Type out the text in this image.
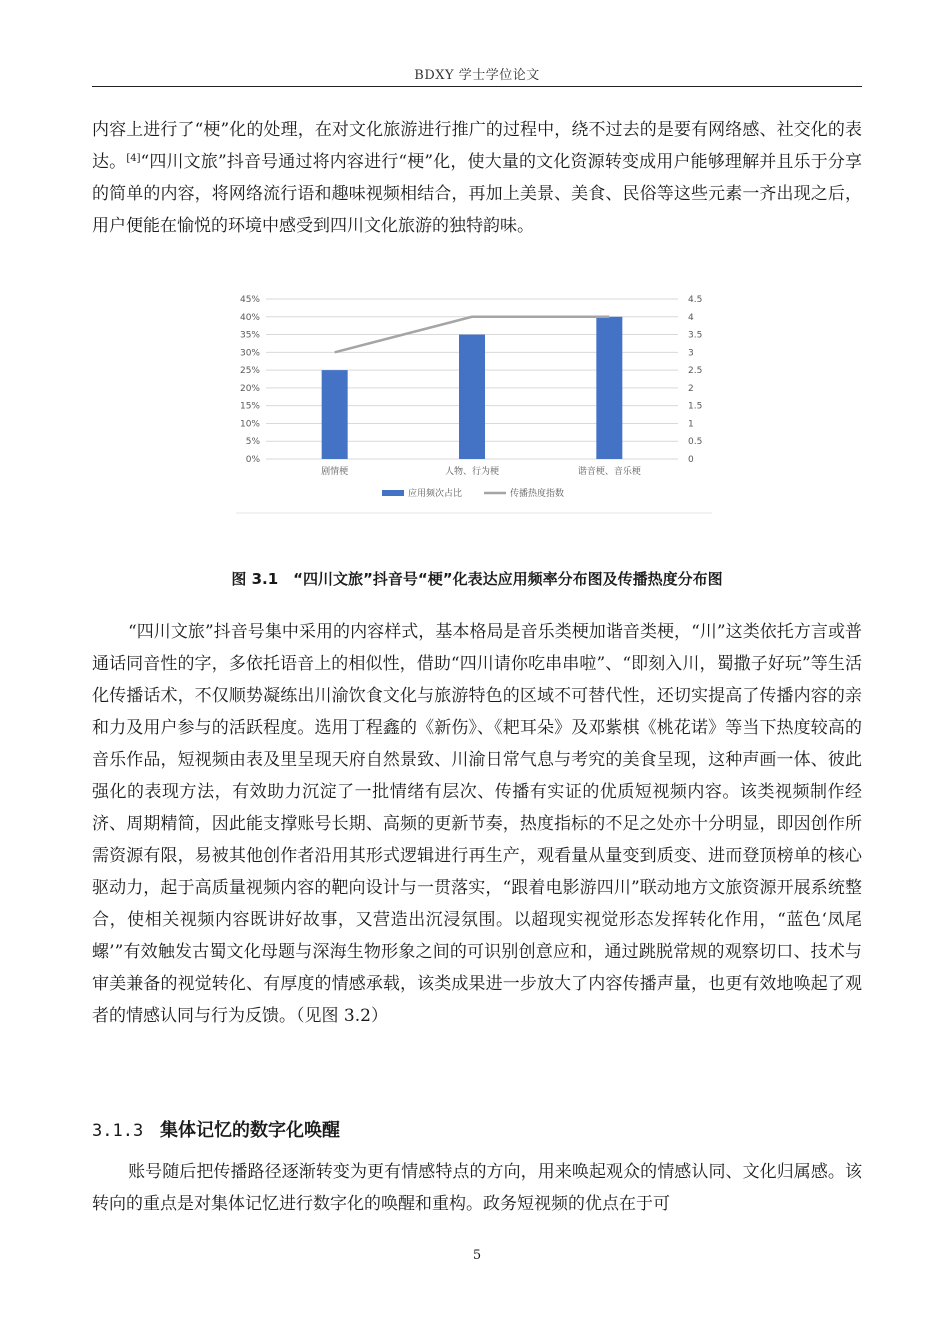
BDXY 学士学位论文

内容上进行了“梗”化的处理，在对文化旅游进行推广的过程中，绕不过去的是要有网络感、社交化的表达。[4]“四川文旅”抖音号通过将内容进行“梗”化，使大量的文化资源转变成用户能够理解并且乐于分享的简单的内容，将网络流行语和趣味视频相结合，再加上美景、美食、民俗等这些元素一齐出现之后，用户便能在愉悦的环境中感受到四川文化旅游的独特韵味。

0%	0
5%	0.5
10%	1
15%	1.5
20%	2
25%	2.5
30%	3
35%	3.5
40%	4
45%	4.5
剧情梗	人物、行为梗	谐音梗、音乐梗
应用频次占比	传播热度指数
图 3.1　“四川文旅”抖音号“梗”化表达应用频率分布图及传播热度分布图

“四川文旅”抖音号集中采用的内容样式，基本格局是音乐类梗加谐音类梗，“川”这类依托方言或普通话同音性的字，多依托语音上的相似性，借助“四川请你吃串串啦”、“即刻入川，蜀撒子好玩”等生活化传播话术，不仅顺势凝练出川渝饮食文化与旅游特色的区域不可替代性，还切实提高了传播内容的亲和力及用户参与的活跃程度。选用丁程鑫的《新伤》、《耙耳朵》及邓紫棋《桃花诺》等当下热度较高的音乐作品，短视频由表及里呈现天府自然景致、川渝日常气息与考究的美食呈现，这种声画一体、彼此强化的表现方法，有效助力沉淀了一批情绪有层次、传播有实证的优质短视频内容。该类视频制作经济、周期精简，因此能支撑账号长期、高频的更新节奏，热度指标的不足之处亦十分明显，即因创作所需资源有限，易被其他创作者沿用其形式逻辑进行再生产，观看量从量变到质变、进而登顶榜单的核心驱动力，起于高质量视频内容的靶向设计与一贯落实，“跟着电影游四川”联动地方文旅资源开展系统整合，使相关视频内容既讲好故事，又营造出沉浸氛围。以超现实视觉形态发挥转化作用，“蓝色‘凤尾螺’”有效触发古蜀文化母题与深海生物形象之间的可识别创意应和，通过跳脱常规的观察切口、技术与审美兼备的视觉转化、有厚度的情感承载，该类成果进一步放大了内容传播声量，也更有效地唤起了观者的情感认同与行为反馈。（见图 3.2）

3.1.3 集体记忆的数字化唤醒

账号随后把传播路径逐渐转变为更有情感特点的方向，用来唤起观众的情感认同、文化归属感。该转向的重点是对集体记忆进行数字化的唤醒和重构。政务短视频的优点在于可

5
